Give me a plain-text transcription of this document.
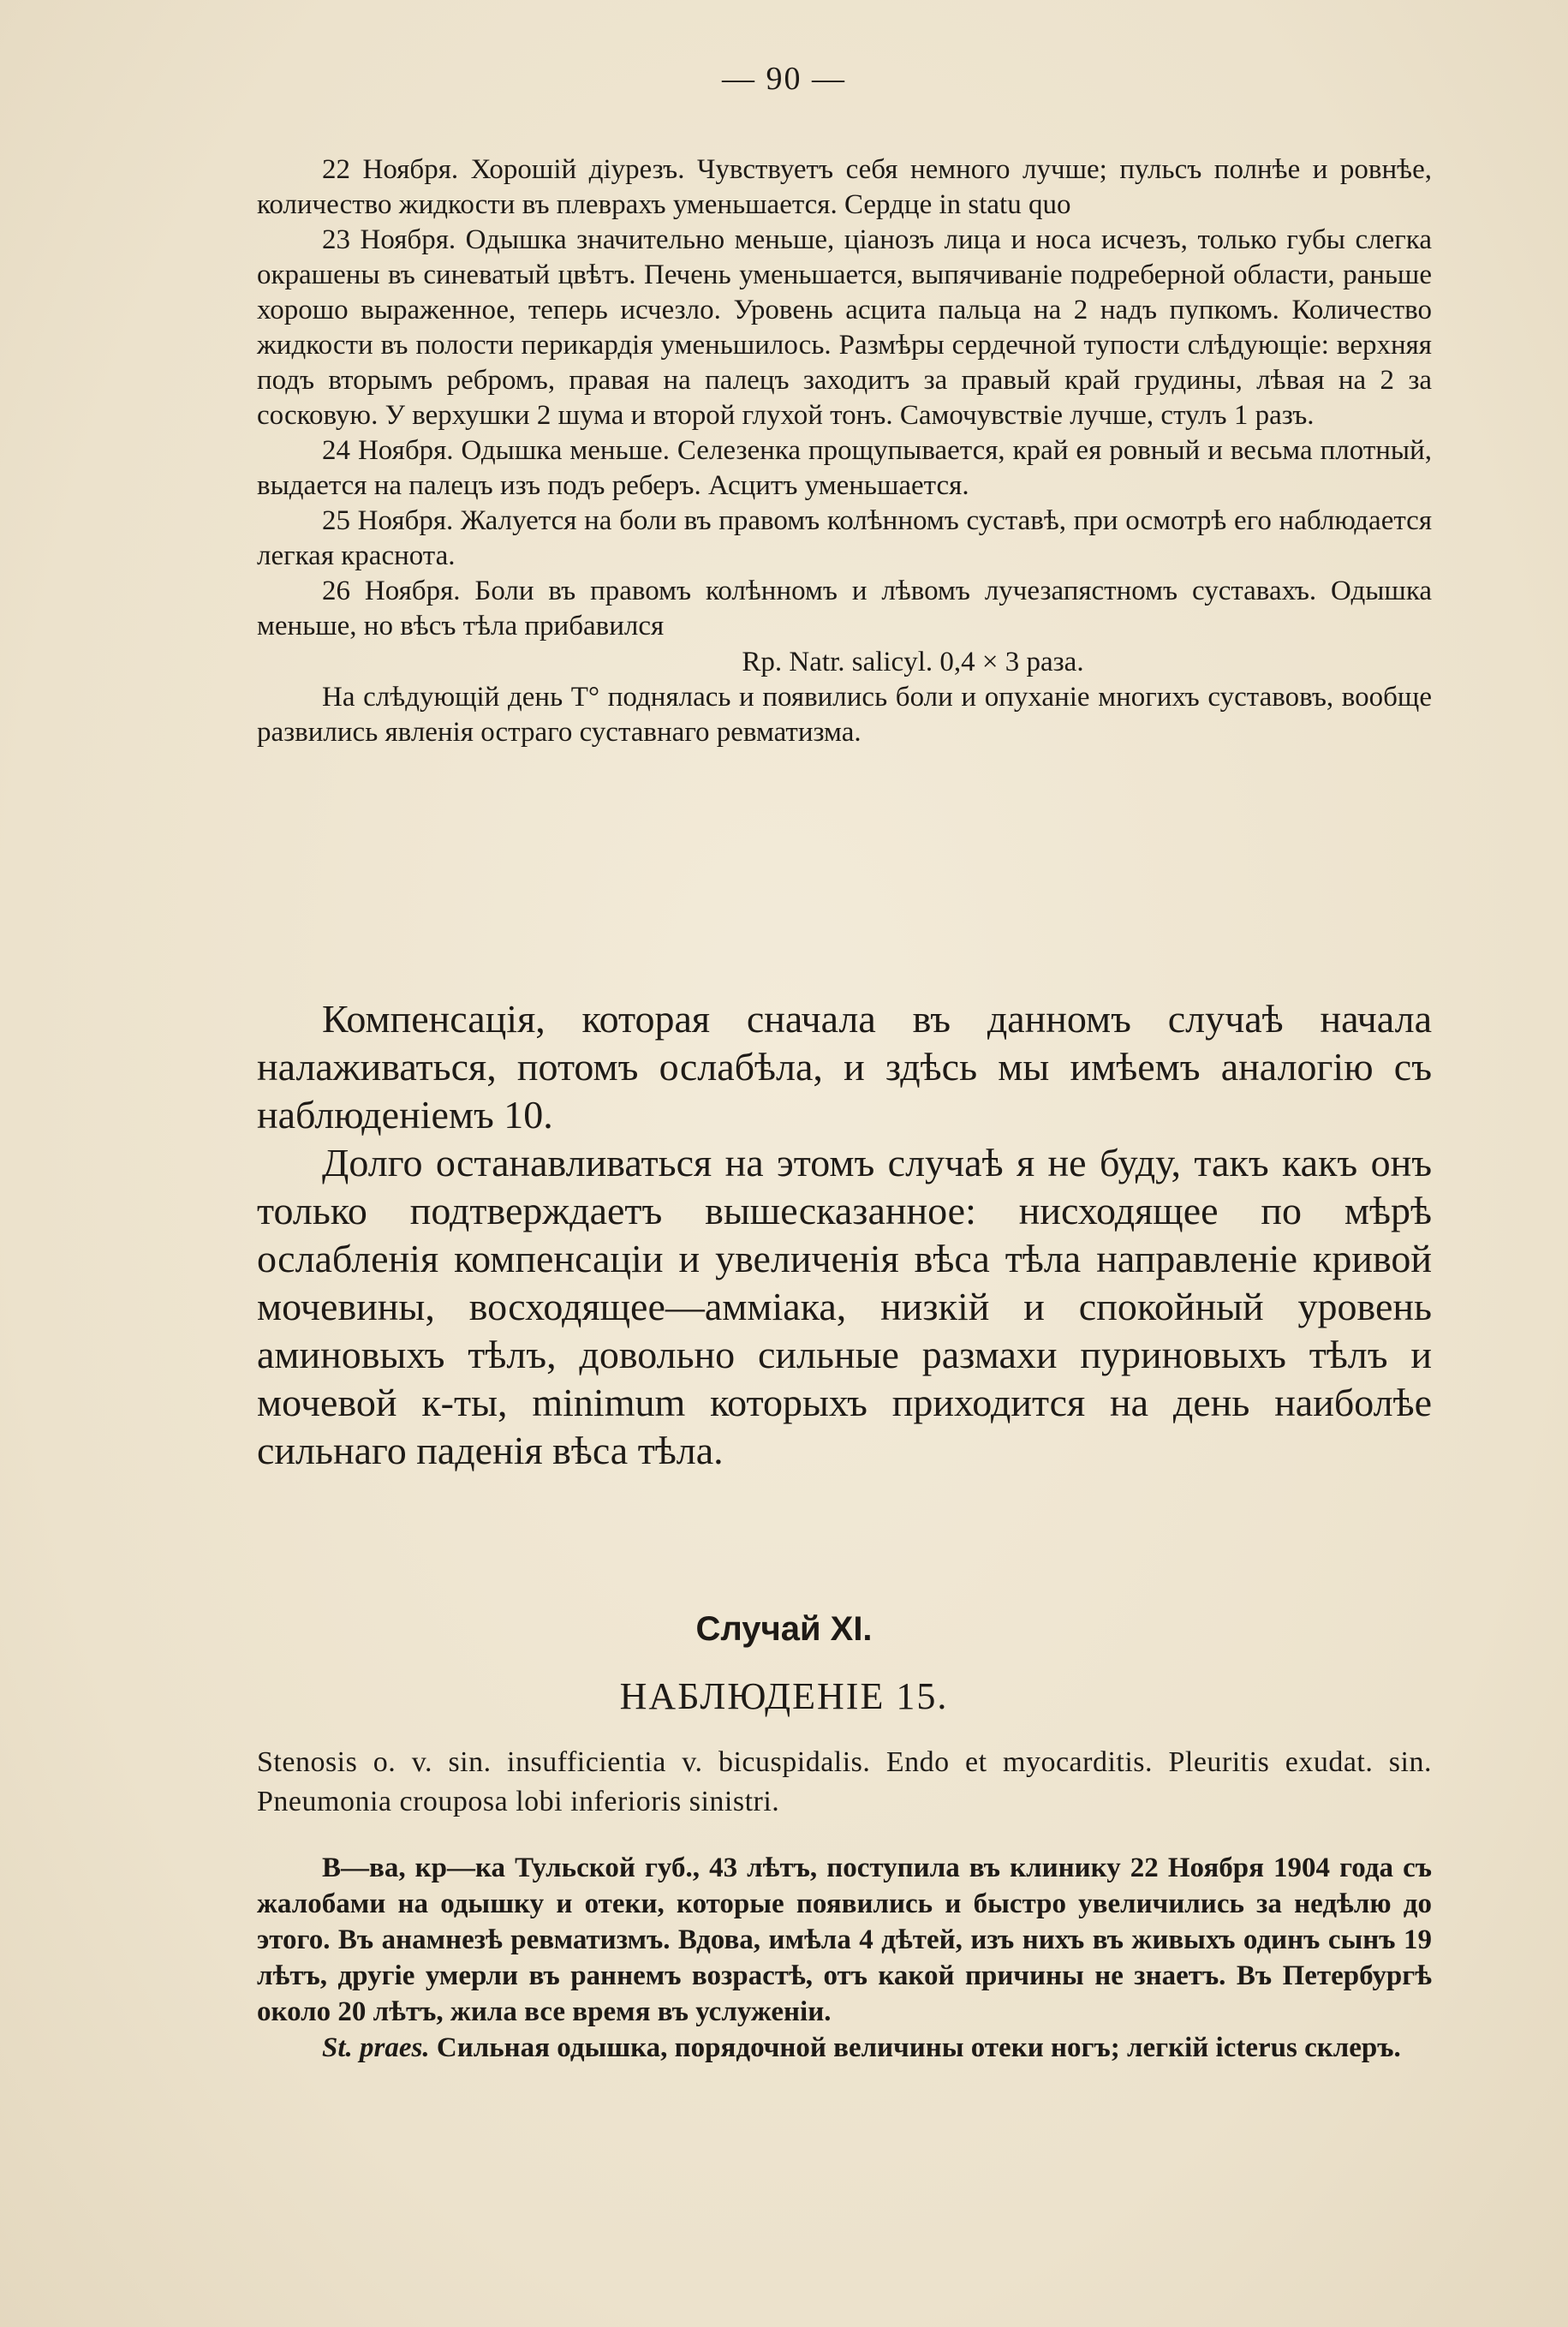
— 90 —

22 Ноября. Хорошій діурезъ. Чувствуетъ себя немного лучше; пульсъ полнѣе и ровнѣе, количество жидкости въ плеврахъ уменьшается. Сердце in statu quo

23 Ноября. Одышка значительно меньше, ціанозъ лица и носа исчезъ, только губы слегка окрашены въ синеватый цвѣтъ. Печень уменьшается, выпячиваніе подреберной области, раньше хорошо выраженное, теперь исчезло. Уровень асцита пальца на 2 надъ пупкомъ. Количество жидкости въ полости перикардія уменьшилось. Размѣры сердечной тупости слѣдующіе: верхняя подъ вторымъ ребромъ, правая на палецъ заходитъ за правый край грудины, лѣвая на 2 за сосковую. У верхушки 2 шума и второй глухой тонъ. Самочувствіе лучше, стулъ 1 разъ.

24 Ноября. Одышка меньше. Селезенка прощупывается, край ея ровный и весьма плотный, выдается на палецъ изъ подъ реберъ. Асцитъ уменьшается.

25 Ноября. Жалуется на боли въ правомъ колѣнномъ суставѣ, при осмотрѣ его наблюдается легкая краснота.

26 Ноября. Боли въ правомъ колѣнномъ и лѣвомъ лучезапястномъ суставахъ. Одышка меньше, но вѣсъ тѣла прибавился

Rp. Natr. salicyl. 0,4 × 3 раза.

На слѣдующій день T° поднялась и появились боли и опуханіе многихъ суставовъ, вообще развились явленія остраго суставнаго ревматизма.

Компенсація, которая сначала въ данномъ случаѣ начала налаживаться, потомъ ослабѣла, и здѣсь мы имѣемъ аналогію съ наблюденіемъ 10.

Долго останавливаться на этомъ случаѣ я не буду, такъ какъ онъ только подтверждаетъ вышесказанное: нисходящее по мѣрѣ ослабленія компенсаціи и увеличенія вѣса тѣла направленіе кривой мочевины, восходящее—амміака, низкій и спокойный уровень аминовыхъ тѣлъ, довольно сильные размахи пуриновыхъ тѣлъ и мочевой к-ты, minimum которыхъ приходится на день наиболѣе сильнаго паденія вѣса тѣла.

Случай XI.
НАБЛЮДЕНІЕ 15.
Stenosis o. v. sin. insufficientia v. bicuspidalis. Endo et myocarditis. Pleuritis exudat. sin. Pneumonia crouposa lobi inferioris sinistri.

В—ва, кр—ка Тульской губ., 43 лѣтъ, поступила въ клинику 22 Ноября 1904 года съ жалобами на одышку и отеки, которые появились и быстро увеличились за недѣлю до этого. Въ анамнезѣ ревматизмъ. Вдова, имѣла 4 дѣтей, изъ нихъ въ живыхъ одинъ сынъ 19 лѣтъ, другіе умерли въ раннемъ возрастѣ, отъ какой причины не знаетъ. Въ Петербургѣ около 20 лѣтъ, жила все время въ услуженіи.

St. praes. Сильная одышка, порядочной величины отеки ногъ; легкій icterus склеръ.
